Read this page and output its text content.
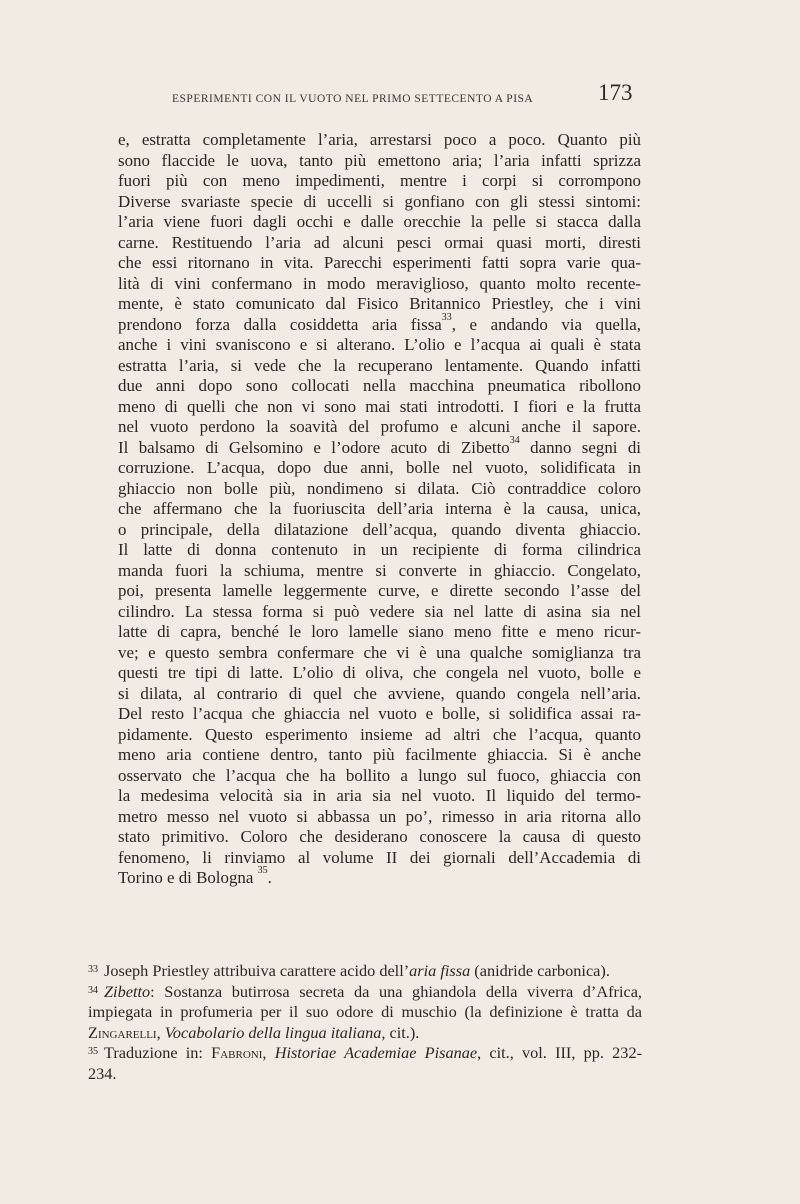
ESPERIMENTI CON IL VUOTO NEL PRIMO SETTECENTO A PISA	173
e, estratta completamente l’aria, arrestarsi poco a poco. Quanto più
sono flaccide le uova, tanto più emettono aria; l’aria infatti sprizza
fuori più con meno impedimenti, mentre i corpi si corrompono
Diverse svariaste specie di uccelli si gonfiano con gli stessi sintomi:
l’aria viene fuori dagli occhi e dalle orecchie la pelle si stacca dalla
carne. Restituendo l’aria ad alcuni pesci ormai quasi morti, diresti
che essi ritornano in vita. Parecchi esperimenti fatti sopra varie qua-
lità di vini confermano in modo meraviglioso, quanto molto recente-
mente, è stato comunicato dal Fisico Britannico Priestley, che i vini
prendono forza dalla cosiddetta aria fissa$^{33}$, e andando via quella,
anche i vini svaniscono e si alterano. L’olio e l’acqua ai quali è stata
estratta l’aria, si vede che la recuperano lentamente. Quando infatti
due anni dopo sono collocati nella macchina pneumatica ribollono
meno di quelli che non vi sono mai stati introdotti. I fiori e la frutta
nel vuoto perdono la soavità del profumo e alcuni anche il sapore.
Il balsamo di Gelsomino e l’odore acuto di Zibetto$^{34}$ danno segni di
corruzione. L’acqua, dopo due anni, bolle nel vuoto, solidificata in
ghiaccio non bolle più, nondimeno si dilata. Ciò contraddice coloro
che affermano che la fuoriuscita dell’aria interna è la causa, unica,
o principale, della dilatazione dell’acqua, quando diventa ghiaccio.
Il latte di donna contenuto in un recipiente di forma cilindrica
manda fuori la schiuma, mentre si converte in ghiaccio. Congelato,
poi, presenta lamelle leggermente curve, e dirette secondo l’asse del
cilindro. La stessa forma si può vedere sia nel latte di asina sia nel
latte di capra, benché le loro lamelle siano meno fitte e meno ricur-
ve; e questo sembra confermare che vi è una qualche somiglianza tra
questi tre tipi di latte. L’olio di oliva, che congela nel vuoto, bolle e
si dilata, al contrario di quel che avviene, quando congela nell’aria.
Del resto l’acqua che ghiaccia nel vuoto e bolle, si solidifica assai ra-
pidamente. Questo esperimento insieme ad altri che l’acqua, quanto
meno aria contiene dentro, tanto più facilmente ghiaccia. Si è anche
osservato che l’acqua che ha bollito a lungo sul fuoco, ghiaccia con
la medesima velocità sia in aria sia nel vuoto. Il liquido del termo-
metro messo nel vuoto si abbassa un po’, rimesso in aria ritorna allo
stato primitivo. Coloro che desiderano conoscere la causa di questo
fenomeno, li rinviamo al volume II dei giornali dell’Accademia di
Torino e di Bologna $^{35}$.
$^{33}$ Joseph Priestley attribuiva carattere acido dell’aria fissa (anidride carbonica).
$^{34}$ Zibetto: Sostanza butirrosa secreta da una ghiandola della viverra d’Africa,
impiegata in profumeria per il suo odore di muschio (la definizione è tratta da
Zingarelli, Vocabolario della lingua italiana, cit.).
$^{35}$ Traduzione in: Fabroni, Historiae Academiae Pisanae, cit., vol. III, pp. 232-
234.
